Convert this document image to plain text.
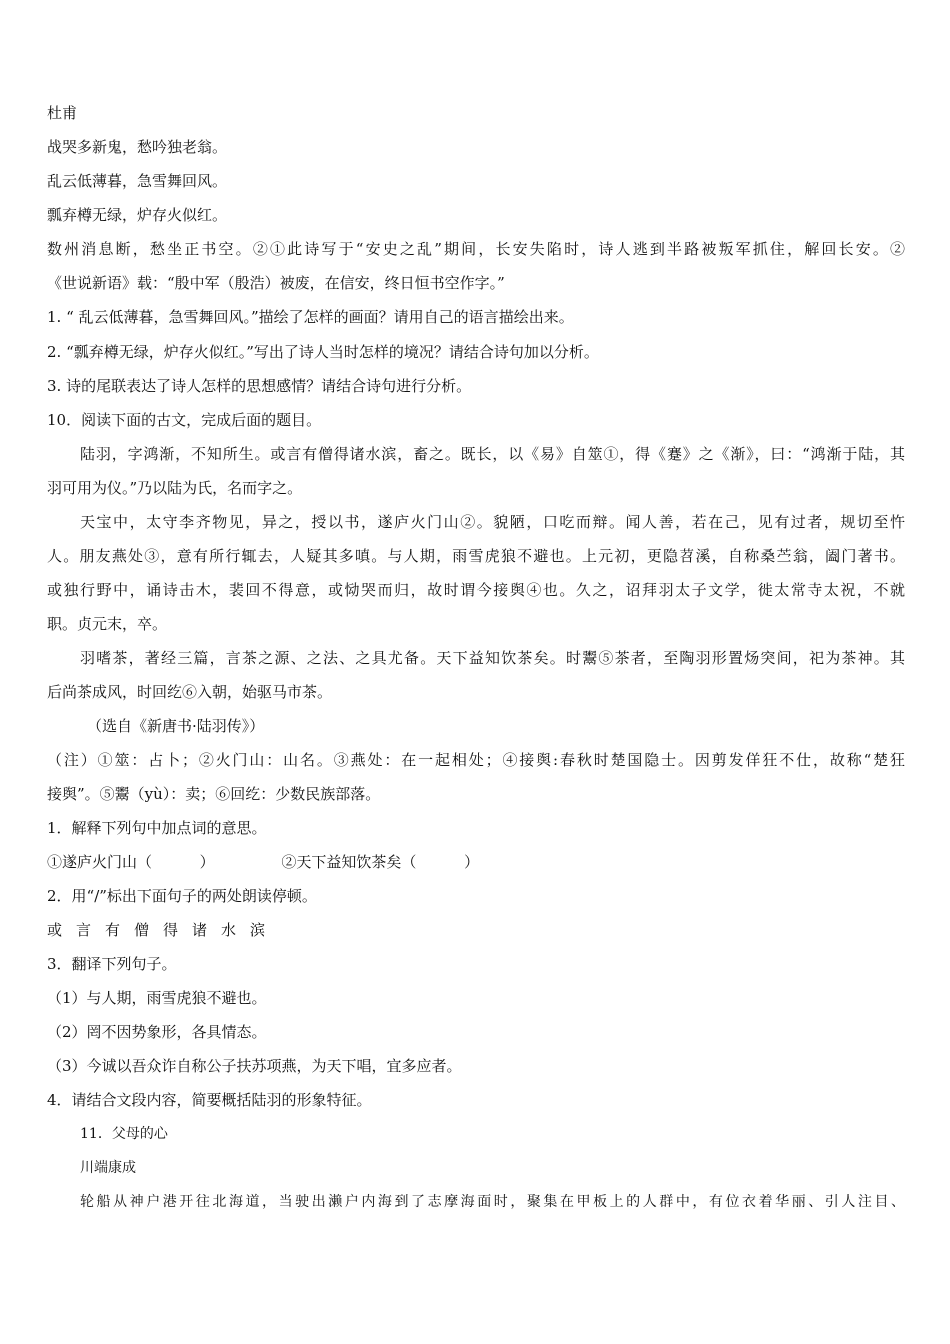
杜甫
战哭多新鬼，愁吟独老翁。
乱云低薄暮，急雪舞回风。
瓢弃樽无绿，炉存火似红。
数州消息断，愁坐正书空。②①此诗写于“安史之乱”期间，长安失陷时，诗人逃到半路被叛军抓住，解回长安。②
《世说新语》载：“殷中军（殷浩）被废，在信安，终日恒书空作字。”
1. “ 乱云低薄暮，急雪舞回风。”描绘了怎样的画面？请用自己的语言描绘出来。
2. “瓢弃樽无绿，炉存火似红。”写出了诗人当时怎样的境况？请结合诗句加以分析。
3. 诗的尾联表达了诗人怎样的思想感情？请结合诗句进行分析。
10．阅读下面的古文，完成后面的题目。
陆羽，字鸿渐，不知所生。或言有僧得诸水滨，畜之。既长，以《易》自筮①，得《蹇》之《渐》，曰：“鸿渐于陆，其
羽可用为仪。”乃以陆为氏，名而字之。
天宝中，太守李齐物见，异之，授以书，遂庐火门山②。貌陋，口吃而辩。闻人善，若在己，见有过者，规切至忤
人。朋友燕处③，意有所行辄去，人疑其多嗔。与人期，雨雪虎狼不避也。上元初，更隐苕溪，自称桑苎翁，阖门著书。
或独行野中，诵诗击木，裴回不得意，或恸哭而归，故时谓今接舆④也。久之，诏拜羽太子文学，徙太常寺太祝，不就
职。贞元末，卒。
羽嗜茶，著经三篇，言茶之源、之法、之具尤备。天下益知饮茶矣。时鬻⑤茶者，至陶羽形置炀突间，祀为茶神。其
后尚茶成风，时回纥⑥入朝，始驱马市茶。
（选自《新唐书·陆羽传》）
（注）①筮：占卜；②火门山：山名。③燕处：在一起相处；④接舆:春秋时楚国隐士。因剪发佯狂不仕，故称“楚狂
接舆”。⑤鬻（yù）：卖；⑥回纥：少数民族部落。
1．解释下列句中加点词的意思。
①遂庐火门山（          ）              ②天下益知饮茶矣（          ）
2．用“/”标出下面句子的两处朗读停顿。
或言有僧得诸水滨
3．翻译下列句子。
（1）与人期，雨雪虎狼不避也。
（2）罔不因势象形，各具情态。
（3）今诚以吾众诈自称公子扶苏项燕，为天下唱，宜多应者。
4．请结合文段内容，简要概括陆羽的形象特征。
11．父母的心
川端康成
轮船从神户港开往北海道，当驶出濑户内海到了志摩海面时，聚集在甲板上的人群中，有位衣着华丽、引人注目、
